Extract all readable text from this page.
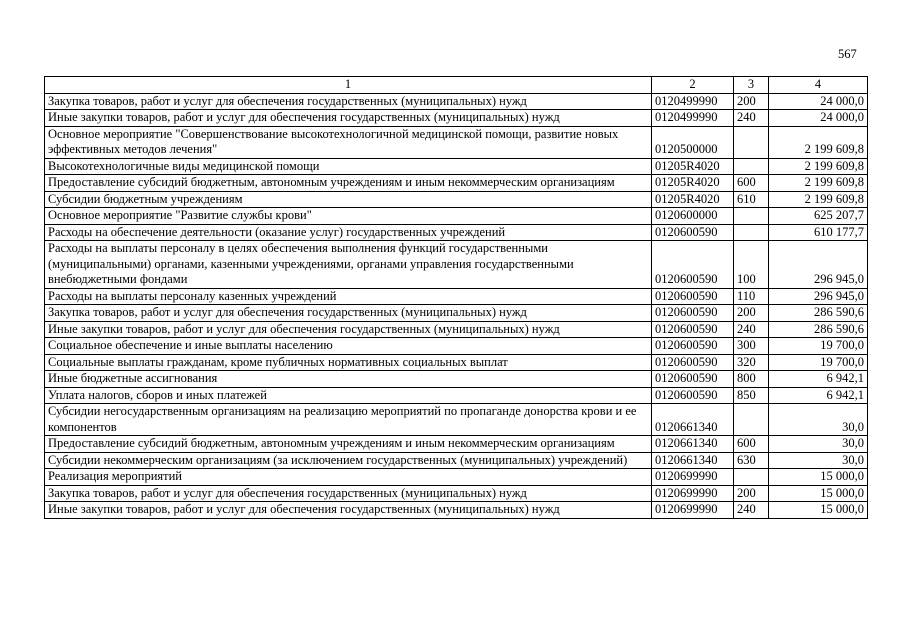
567
1	2	3	4
Закупка товаров, работ и услуг для обеспечения государственных (муниципальных) нужд	0120499990	200	24 000,0
Иные закупки товаров, работ и услуг для обеспечения государственных (муниципальных) нужд	0120499990	240	24 000,0
Основное мероприятие "Совершенствование высокотехнологичной медицинской помощи, развитие новых эффективных методов лечения"	0120500000		2 199 609,8
Высокотехнологичные виды медицинской помощи	01205R4020		2 199 609,8
Предоставление субсидий бюджетным, автономным учреждениям и иным некоммерческим организациям	01205R4020	600	2 199 609,8
Субсидии бюджетным учреждениям	01205R4020	610	2 199 609,8
Основное мероприятие "Развитие службы крови"	0120600000		625 207,7
Расходы на обеспечение деятельности (оказание услуг) государственных учреждений	0120600590		610 177,7
Расходы на выплаты персоналу в целях обеспечения выполнения функций государственными (муниципальными) органами, казенными учреждениями, органами управления государственными внебюджетными фондами	0120600590	100	296 945,0
Расходы на выплаты персоналу казенных учреждений	0120600590	110	296 945,0
Закупка товаров, работ и услуг для обеспечения государственных (муниципальных) нужд	0120600590	200	286 590,6
Иные закупки товаров, работ и услуг для обеспечения государственных (муниципальных) нужд	0120600590	240	286 590,6
Социальное обеспечение и иные выплаты населению	0120600590	300	19 700,0
Социальные выплаты гражданам, кроме публичных нормативных социальных выплат	0120600590	320	19 700,0
Иные бюджетные ассигнования	0120600590	800	6 942,1
Уплата налогов, сборов и иных платежей	0120600590	850	6 942,1
Субсидии негосударственным организациям на реализацию мероприятий по пропаганде донорства крови и ее компонентов	0120661340		30,0
Предоставление субсидий бюджетным, автономным учреждениям и иным некоммерческим организациям	0120661340	600	30,0
Субсидии некоммерческим организациям (за исключением государственных (муниципальных) учреждений)	0120661340	630	30,0
Реализация мероприятий	0120699990		15 000,0
Закупка товаров, работ и услуг для обеспечения государственных (муниципальных) нужд	0120699990	200	15 000,0
Иные закупки товаров, работ и услуг для обеспечения государственных (муниципальных) нужд	0120699990	240	15 000,0
